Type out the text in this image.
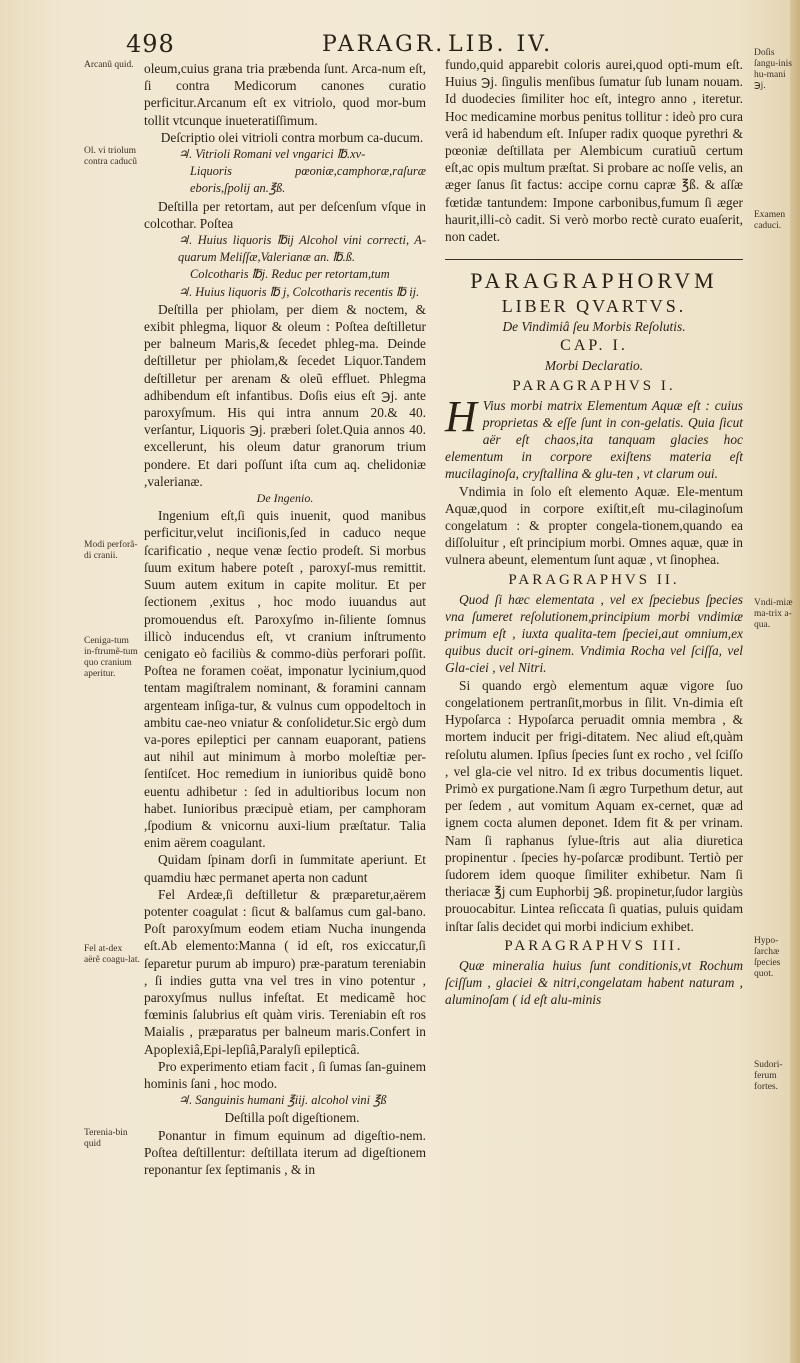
498	PARAGR. LIB. IV.
Arcanũ quid.
Ol. vi triolum contra caducũ
Modi perforã-di cranii.
Ceniga-tum in-ftrumẽ-tum quo cranium aperitur.
Fel at-dex aërẽ coagu-lat.
Terenia-bin quid
Doſis ſangu-inis hu-mani ℈j.
Examen caduci.
Vndi-miæ ma-trix a-qua.
Hypo-ſarchæ ſpecies quot.
Sudori-ferum fortes.

oleum,cuius grana tria præbenda ſunt. Arca-num eſt, ſi contra Medicorum canones curatio perficitur.Arcanum eſt ex vitriolo, quod mor-bum tollit vtcunque inueteratiſſimum.

Deſcriptio olei vitrioli contra morbum ca-ducum.

♃. Vitrioli Romani vel vngarici ℔.xv-

Liquoris pœoniæ,camphoræ,raſuræ eboris,ſpolij an.℥ß.

Deſtilla per retortam, aut per deſcenſum vſque in colcothar. Poſtea

♃. Huius liquoris ℔ij Alcohol vini correcti, A-quarum Meliſſæ,Valerianæ an. ℔.ß.

Colcotharis ℔j. Reduc per retortam,tum

♃. Huius liquoris ℔ j, Colcotharis recentis ℔ ij.

Deſtilla per phiolam, per diem & noctem, & exibit phlegma, liquor & oleum : Poſtea deſtilletur per balneum Maris,& ſecedet phleg-ma. Deinde deſtilletur per phiolam,& ſecedet Liquor.Tandem deſtilletur per arenam & oleũ effluet. Phlegma adhibendum eſt infantibus. Doſis eius eſt ℈j. ante paroxyſmum. His qui intra annum 20.& 40. verſantur, Liquoris ℈j. præberi ſolet.Quia annos 40. excellerunt, his oleum datur granorum trium pondere. Et dari poſſunt iſta cum aq. chelidoniæ ,valerianæ.

De Ingenio.

Ingenium eſt,ſi quis inuenit, quod manibus perficitur,velut inciſionis,ſed in caduco neque ſcarificatio , neque venæ ſectio prodeſt. Si morbus ſuum exitum habere poteſt , paroxyſ-mus remittit. Suum autem exitum in capite molitur. Et per ſectionem ,exitus , hoc modo iuuandus aut promouendus eſt. Paroxyſmo in-ſiliente ſomnus illicò inducendus eſt, vt cranium inſtrumento cenigato eò faciliùs & commo-diùs perforari poſſit. Poſtea ne foramen coëat, imponatur lycinium,quod tentam magiſtralem nominant, & foramini cannam argenteam inſiga-tur, & vulnus cum oppodeltoch in ambitu cae-neo vniatur & conſolidetur.Sic ergò dum va-pores epileptici per cannam euaporant, patiens aut nihil aut minimum à morbo moleſtiæ per-ſentiſcet. Hoc remedium in iunioribus quidẽ bono euentu adhibetur : ſed in adultioribus locum non habet. Iunioribus præcipuè etiam, per camphoram ,ſpodium & vnicornu auxi-lium præſtatur. Talia enim aërem coagulant.

Quidam ſpinam dorſi in ſummitate aperiunt. Et quamdiu hæc permanet aperta non cadunt

Fel Ardeæ,ſi deſtilletur & præparetur,aërem potenter coagulat : ſicut & balſamus cum gal-bano. Poſt paroxyſmum eodem etiam Nucha inungenda eſt.Ab elemento:Manna ( id eſt, ros exiccatur,ſi ſeparetur purum ab impuro) præ-paratum tereniabin , ſi indies gutta vna vel tres in vino potentur , paroxyſmus nullus infeſtat. Et medicamẽ hoc fœminis ſalubrius eſt quàm viris. Tereniabin eſt ros Maialis , præparatus per balneum maris.Confert in Apoplexiâ,Epi-lepſiâ,Paralyſi epilepticâ.

Pro experimento etiam facit , ſi ſumas ſan-guinem hominis ſani , hoc modo.

♃. Sanguinis humani ℥iij. alcohol vini ℥ß

Deſtilla poſt digeſtionem.

Ponantur in fimum equinum ad digeſtio-nem. Poſtea deſtillentur: deſtillata iterum ad digeſtionem reponantur ſex ſeptimanis , & in

fundo,quid apparebit coloris aurei,quod opti-mum eſt. Huius ℈j. ſingulis menſibus ſumatur ſub lunam nouam. Id duodecies ſimiliter hoc eſt, integro anno , iteretur. Hoc medicamine morbus penitus tollitur : ideò pro cura verâ id habendum eſt. Inſuper radix quoque pyrethri & pœoniæ deſtillata per Alembicum curatiuũ certum eſt,ac opis multum præſtat. Si probare ac noſſe velis, an æger ſanus ſit factus: accipe cornu capræ ℥ß. & aſſæ fœtidæ tantundem: Impone carbonibus,fumum ſi æger haurit,illi-cò cadit. Si verò morbo rectè curato euaſerit, non cadet.

PARAGRAPHORVM

LIBER QVARTVS.

De Vindimiâ ſeu Morbis Reſolutis.

CAP. I.

Morbi Declaratio.

PARAGRAPHVS I.

H Vius morbi matrix Elementum Aquæ eſt : cuius proprietas & eſſe ſunt in con-gelatis. Quia ſicut aër eſt chaos,ita tanquam glacies hoc elementum in corpore exiſtens materia eſt mucilaginoſa, cryſtallina & glu-ten , vt clarum oui.

Vndimia in ſolo eſt elemento Aquæ. Ele-mentum Aquæ,quod in corpore exiſtit,eſt mu-cilaginoſum congelatum : & propter congela-tionem,quando ea diſſoluitur , eſt principium morbi. Omnes aquæ, quæ in vulnera abeunt, elementum ſunt aquæ , vt ſinophea.

PARAGRAPHVS II.

Quod ſi hæc elementata , vel ex ſpeciebus ſpecies vna ſumeret reſolutionem,principium morbi vndimiæ primum eſt , iuxta qualita-tem ſpeciei,aut omnium,ex quibus ducit ori-ginem. Vndimia Rocha vel ſciſſa, vel Gla-ciei , vel Nitri.

Si quando ergò elementum aquæ vigore ſuo congelationem pertranſit,morbus in ſilit. Vn-dimia eſt Hypoſarca : Hypoſarca peruadit omnia membra , & mortem inducit per frigi-ditatem. Nec aliud eſt,quàm reſolutu alumen. Ipſius ſpecies ſunt ex rocho , vel ſciſſo , vel gla-cie vel nitro. Id ex tribus documentis liquet. Primò ex purgatione.Nam ſi ægro Turpethum detur, aut per ſedem , aut vomitum Aquam ex-cernet, quæ ad ignem cocta alumen deponet. Idem fit & per vrinam. Nam ſi raphanus ſylue-ſtris aut alia diuretica propinentur . ſpecies hy-poſarcæ prodibunt. Tertiò per ſudorem idem quoque ſimiliter exhibetur. Nam ſi theriacæ ℥j cum Euphorbij ℈ß. propinetur,ſudor largiùs prouocabitur. Lintea reſiccata ſi quatias, puluis quidam inſtar ſalis decidet qui morbi indicium exhibet.

PARAGRAPHVS III.

Quæ mineralia huius ſunt conditionis,vt Rochum ſciſſum , glaciei & nitri,congelatam habent naturam , aluminoſam ( id eſt alu-minis
